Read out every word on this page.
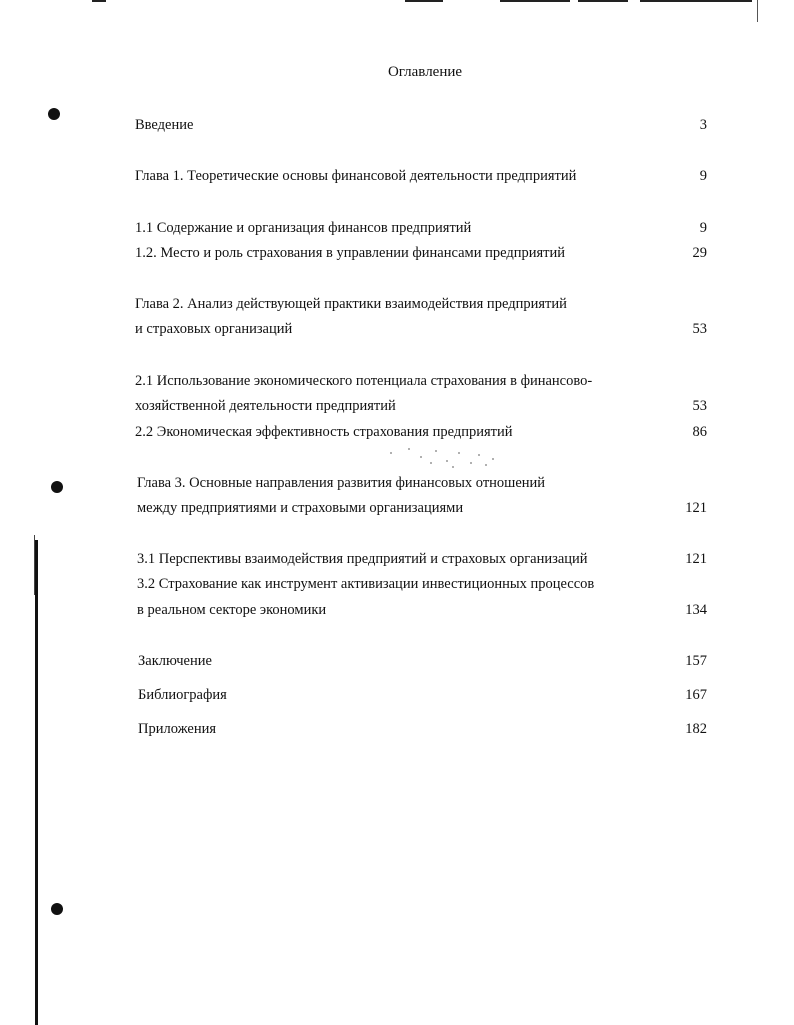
Оглавление
Введение	3
Глава 1. Теоретические основы финансовой деятельности предприятий	9
1.1 Содержание и организация финансов предприятий	9
1.2. Место и роль страхования в управлении финансами предприятий	29
Глава 2. Анализ действующей практики взаимодействия предприятий
и страховых организаций	53
2.1 Использование экономического потенциала страхования в финансово-
хозяйственной деятельности предприятий	53
2.2 Экономическая эффективность страхования предприятий	86
Глава 3. Основные направления развития финансовых отношений
между предприятиями и страховыми организациями	121
3.1 Перспективы взаимодействия предприятий и страховых организаций	121
3.2 Страхование как инструмент активизации инвестиционных процессов
в реальном секторе экономики	134
Заключение	157
Библиография	167
Приложения	182
